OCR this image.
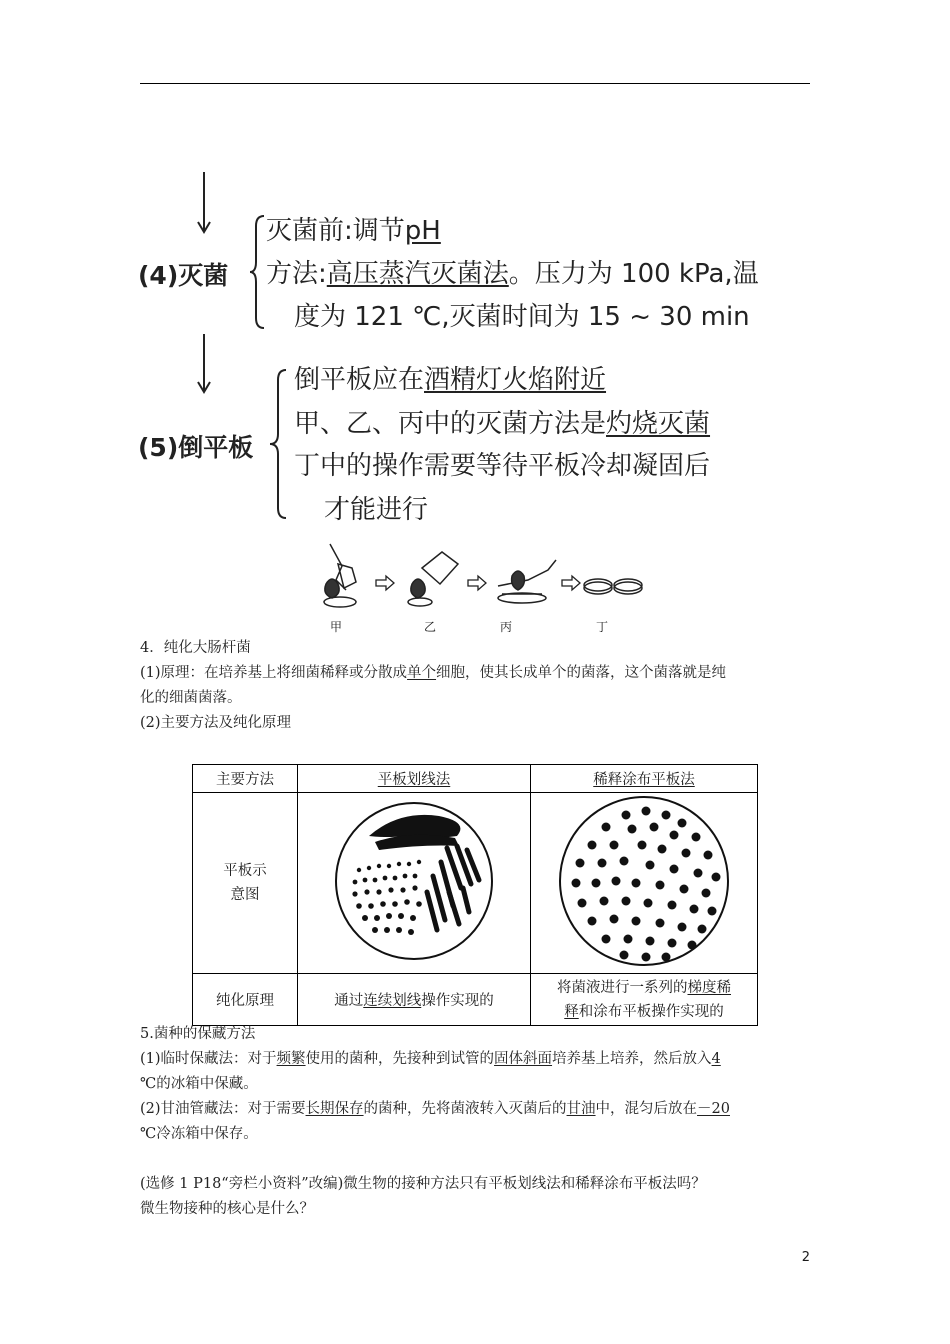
(4)灭菌
灭菌前:调节pH
方法:高压蒸汽灭菌法。压力为 100 kPa,温
度为 121 ℃,灭菌时间为 15 ~ 30 min
(5)倒平板
倒平板应在酒精灯火焰附近
甲、乙、丙中的灭菌方法是灼烧灭菌
丁中的操作需要等待平板冷却凝固后
才能进行
甲	乙	丙	丁

4．纯化大肠杆菌

(1)原理：在培养基上将细菌稀释或分散成单个细胞，使其长成单个的菌落，这个菌落就是纯

化的细菌菌落。

(2)主要方法及纯化原理

主要方法	平板划线法	稀释涂布平板法

平板示
意图

纯化原理	通过连续划线操作实现的	将菌液进行一系列的梯度稀
释和涂布平板操作实现的

5.菌种的保藏方法

(1)临时保藏法：对于频繁使用的菌种，先接种到试管的固体斜面培养基上培养，然后放入4

℃的冰箱中保藏。

(2)甘油管藏法：对于需要长期保存的菌种，先将菌液转入灭菌后的甘油中，混匀后放在－20

℃冷冻箱中保存。

(选修 1 P18“旁栏小资料”改编)微生物的接种方法只有平板划线法和稀释涂布平板法吗？

微生物接种的核心是什么？

2
